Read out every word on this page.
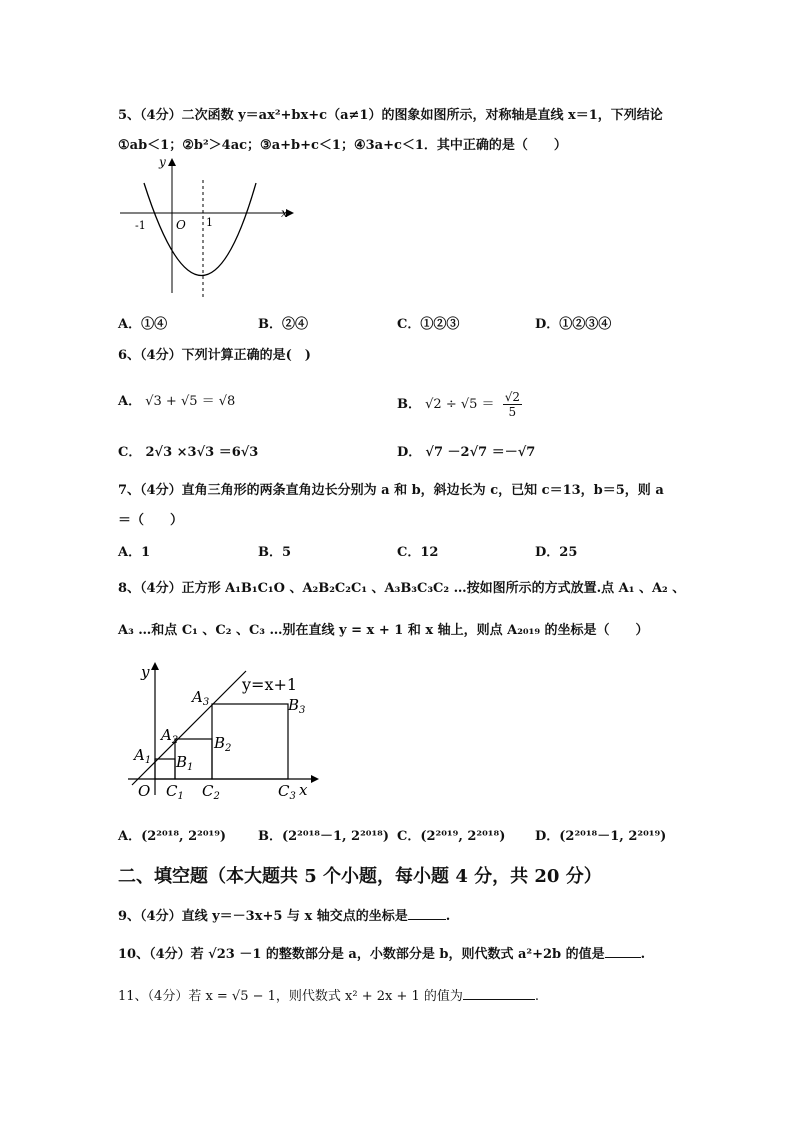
5、（4分）二次函数 y＝ax²+bx+c（a≠1）的图象如图所示，对称轴是直线 x＝1，下列结论
①ab＜1；②b²＞4ac；③a+b+c＜1；④3a+c＜1．其中正确的是（　　）
y
x
-1	O 1
A．①④	B．②④	C．①②③	D．①②③④
6、（4分）下列计算正确的是(　)
A． √3 + √5 ＝ √8	B． $√2 \div √5 = \frac{√2}{5}$
C． 2√3 ×3√3 ＝6√3	D． √7 －2√7 ＝－√7
7、（4分）直角三角形的两条直角边长分别为 a 和 b，斜边长为 c，已知 c＝13，b＝5，则 a
＝（　　）
A．1	B．5	C．12	D．25
8、（4分）正方形 A₁B₁C₁O 、A₂B₂C₂C₁ 、A₃B₃C₃C₂ …按如图所示的方式放置.点 A₁ 、A₂ 、
A₃ …和点 C₁ 、C₂ 、C₃ …别在直线 y = x + 1 和 x 轴上，则点 A₂₀₁₉ 的坐标是（　　）
y
x
y=x+1
O
$A_1$
$A_2$
$A_3$
$B_1$
$B_2$
$B_3$
$C_1$ $C_2$	$C_3$
A．(2²⁰¹⁸, 2²⁰¹⁹) B．(2²⁰¹⁸－1, 2²⁰¹⁸) C．(2²⁰¹⁹, 2²⁰¹⁸) D．(2²⁰¹⁸－1, 2²⁰¹⁹)
二、填空题（本大题共 5 个小题，每小题 4 分，共 20 分）
9、（4分）直线 y＝－3x+5 与 x 轴交点的坐标是	.
10、（4分）若 √23 －1 的整数部分是 a，小数部分是 b，则代数式 a²+2b 的值是	.
11、（4分）若 x = √5 − 1，则代数式 x² + 2x + 1 的值为	.
